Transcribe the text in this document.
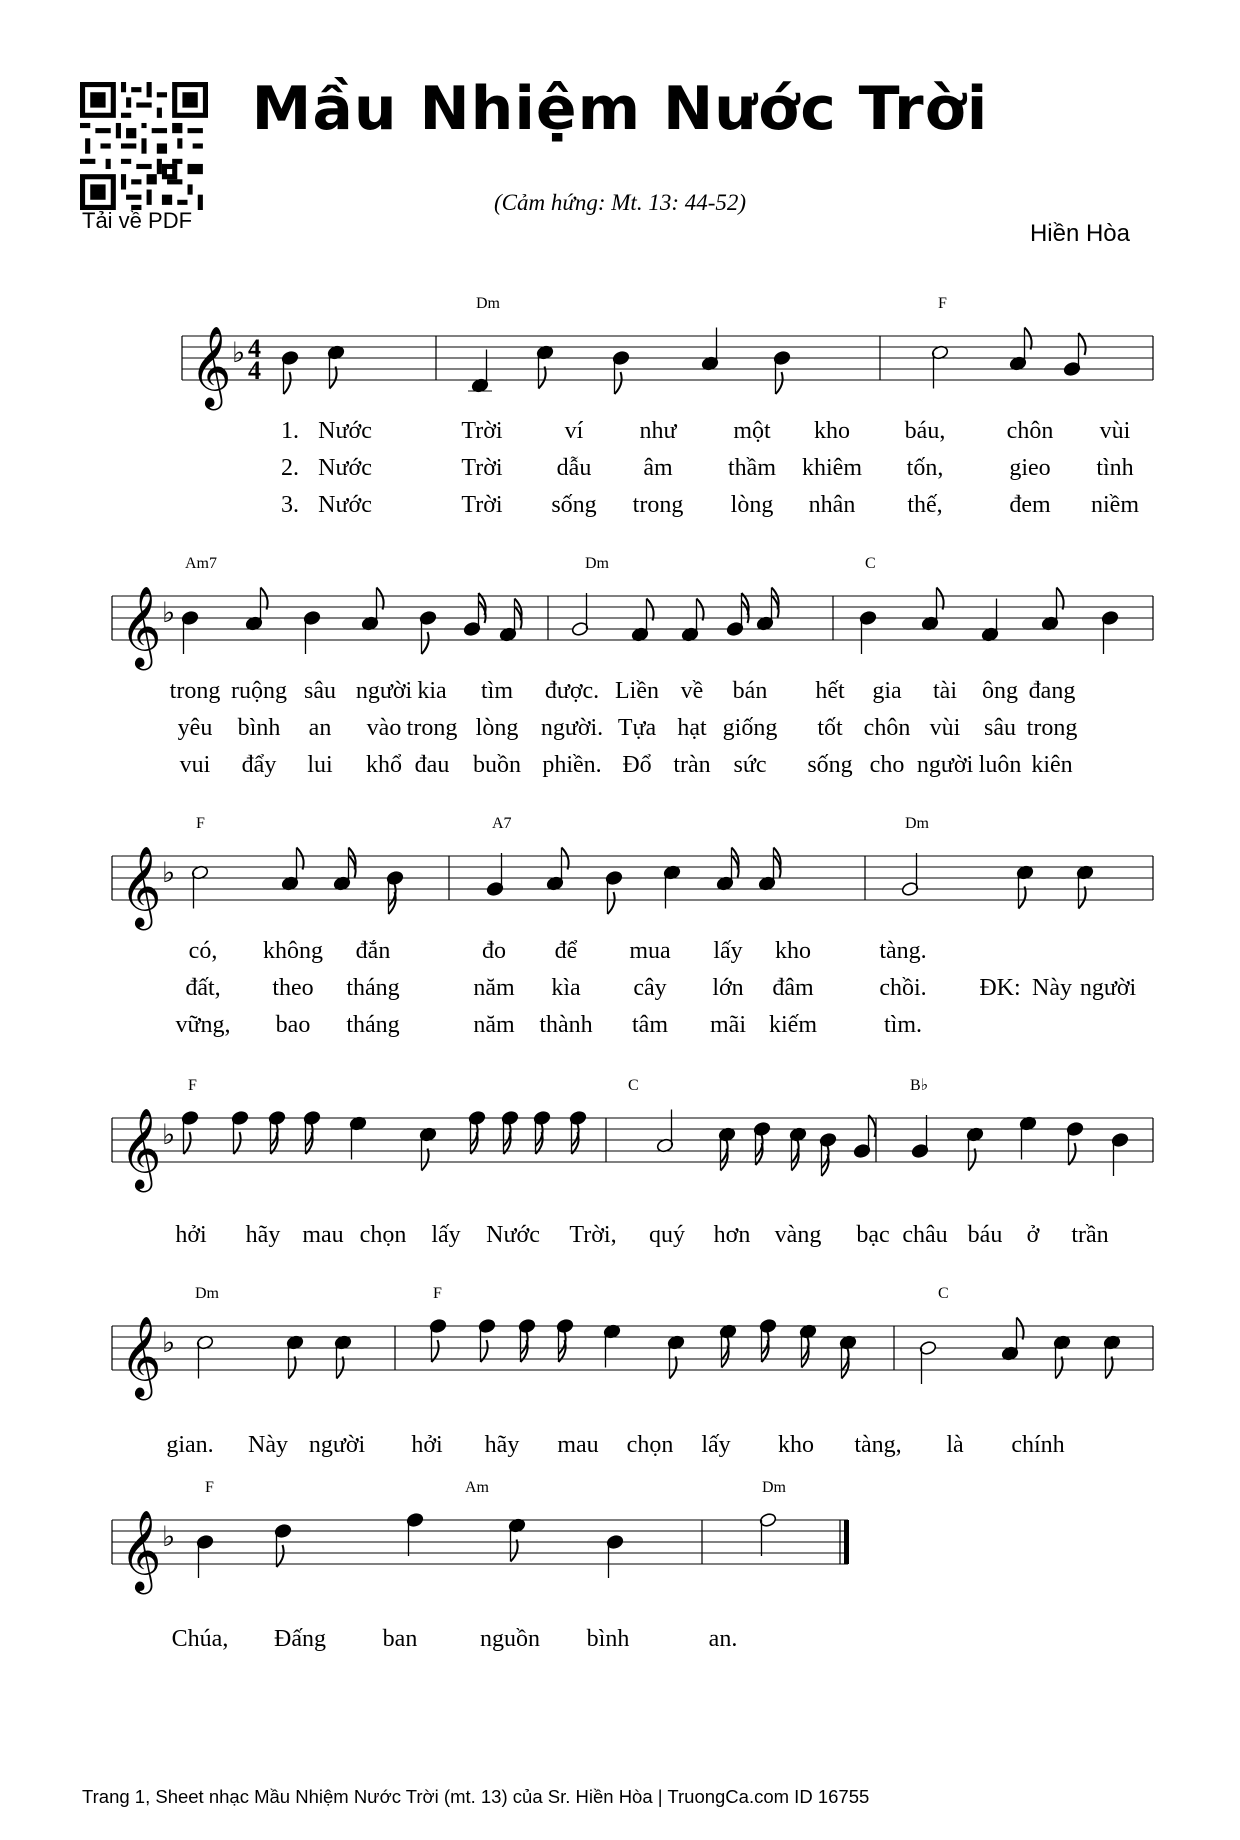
Tải về PDF
Mầu Nhiệm Nước Trời
(Cảm hứng: Mt. 13: 44-52)
Hiền Hòa
𝄞 ♭ 4
4
Dm	F
𝄞 ♭
Am7	Dm	C
𝄞 ♭
F	A7	Dm
𝄞 ♭
F	C	B♭
𝄞 ♭
Dm	F	C
𝄞 ♭
F	Am	Dm
1. Nước	Trời	ví như một kho báu,	chôn vùi
2. Nước	Trời dẫu âm thầm khiêm tốn,	gieo tình
3. Nước	Trời sống trong lòng nhân thế,	đem niềm
trong ruộng sâu người kia tìm được. Liền về bán hết gia tài ông đang
yêu bình an vào trong lòng người. Tựa hạt giống tốt chôn vùi sâu trong
vui đẩy lui khổ đau buồn phiền. Đổ tràn sức sống cho người luôn kiên
có, không đắn	đo để mua lấy kho	tàng.
đất, theo tháng	năm kìa cây lớn đâm	chồi. ĐK: Này người
vững, bao tháng	năm thành tâm mãi kiếm	tìm.
hởi hãy mau chọn lấy Nước Trời, quý hơn vàng bạc châu báu ở trần
gian. Này người hởi hãy mau chọn lấy kho tàng, là chính
Chúa, Đấng ban	nguồn bình	an.
Trang 1, Sheet nhạc Mầu Nhiệm Nước Trời (mt. 13) của Sr. Hiền Hòa | TruongCa.com ID 16755
